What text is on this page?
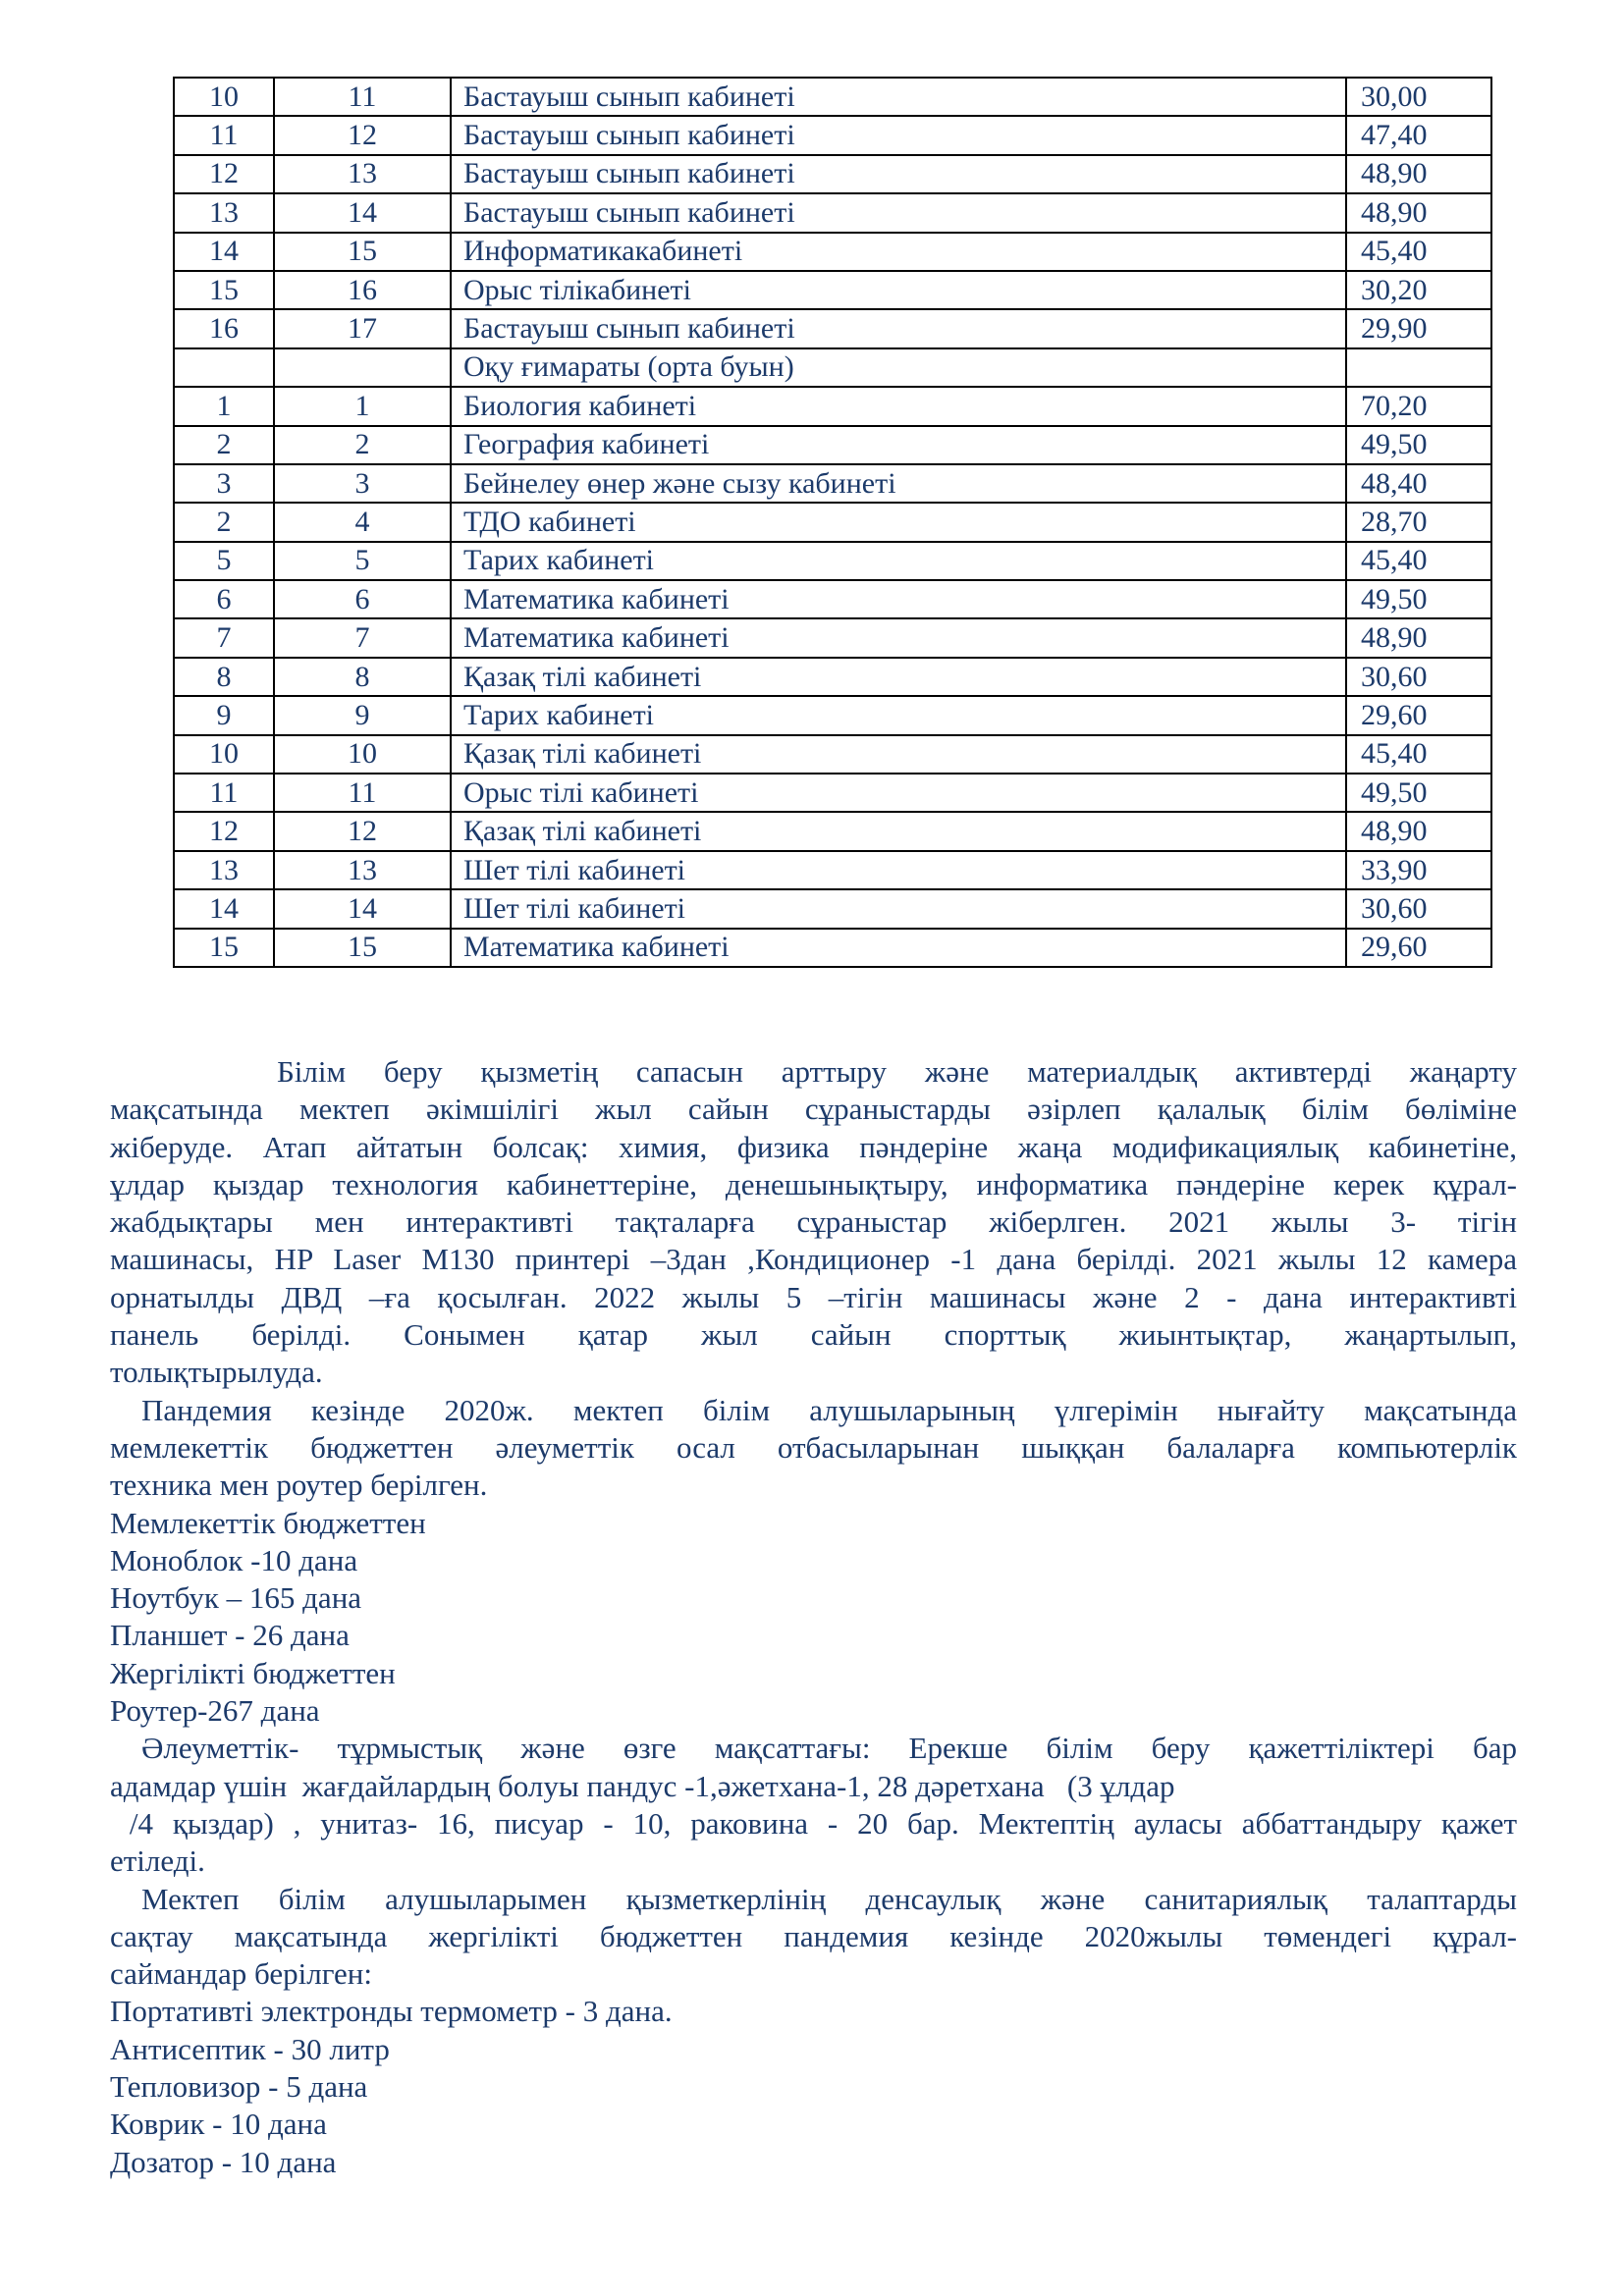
10	11	Бастауыш сынып кабинеті	30,00
11	12	Бастауыш сынып кабинеті	47,40
12	13	Бастауыш сынып кабинеті	48,90
13	14	Бастауыш сынып кабинеті	48,90
14	15	Информатикакабинеті	45,40
15	16	Орыс тілікабинеті	30,20
16	17	Бастауыш сынып кабинеті	29,90
		Оқу ғимараты (орта буын)	
1	1	Биология кабинеті	70,20
2	2	География кабинеті	49,50
3	3	Бейнелеу өнер және сызу кабинеті	48,40
2	4	ТДО кабинеті	28,70
5	5	Тарих кабинеті	45,40
6	6	Математика кабинеті	49,50
7	7	Математика кабинеті	48,90
8	8	Қазақ тілі кабинеті	30,60
9	9	Тарих кабинеті	29,60
10	10	Қазақ тілі кабинеті	45,40
11	11	Орыс тілі кабинеті	49,50
12	12	Қазақ тілі кабинеті	48,90
13	13	Шет тілі кабинеті	33,90
14	14	Шет тілі кабинеті	30,60
15	15	Математика кабинеті	29,60
Білім беру қызметің сапасын арттыру және материалдық активтерді жаңарту
мақсатында мектеп әкімшілігі жыл сайын сұраныстарды әзірлеп қалалық білім бөліміне
жіберуде. Атап айтатын болсақ: химия, физика пәндеріне жаңа модификациялық кабинетіне,
ұлдар қыздар технология кабинеттеріне, денешынықтыру, информатика пәндеріне керек құрал-
жабдықтары мен интерактивті тақталарға сұраныстар жіберлген. 2021 жылы 3- тігін
машинасы, HP Laser M130 принтері –3дан ,Кондиционер -1 дана берілді. 2021 жылы 12 камера
орнатылды ДВД –ға қосылған. 2022 жылы 5 –тігін машинасы және 2 - дана интерактивті
панель берілді. Сонымен қатар жыл сайын спорттық жиынтықтар, жаңартылып,
толықтырылуда.
Пандемия кезінде 2020ж. мектеп білім алушыларының үлгерімін нығайту мақсатында
мемлекеттік бюджеттен әлеуметтік осал отбасыларынан шыққан балаларға компьютерлік
техника мен роутер берілген.
Мемлекеттік бюджеттен
Моноблок -10 дана
Ноутбук – 165 дана
Планшет - 26 дана
Жергілікті бюджеттен
Роутер-267 дана
Әлеуметтік- тұрмыстық және өзге мақсаттағы: Ерекше білім беру қажеттіліктері бар
адамдар үшін  жағдайлардың болуы пандус -1,әжетхана-1, 28 дәретхана   (3 ұлдар
/4 қыздар) , унитаз- 16, писуар - 10, раковина - 20 бар. Мектептің ауласы аббаттандыру қажет
етіледі.
Мектеп білім алушыларымен қызметкерлінің денсаулық және санитариялық талаптарды
сақтау мақсатында жергілікті бюджеттен пандемия кезінде 2020жылы төмендегі құрал-
саймандар берілген:
Портативті электронды термометр - 3 дана.
Антисептик - 30 литр
Тепловизор - 5 дана
Коврик - 10 дана
Дозатор - 10 дана
